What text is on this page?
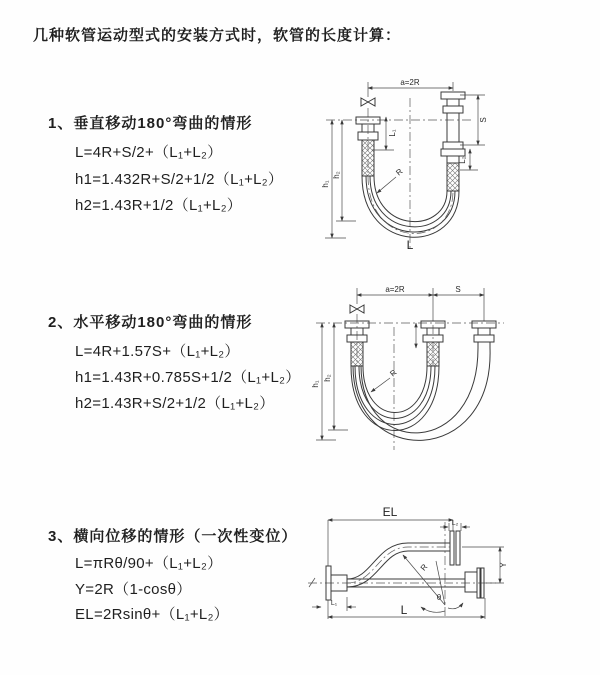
几种软管运动型式的安装方式时，软管的长度计算：
1、垂直移动180°弯曲的情形
L=4R+S/2+（L₁+L₂）
h1=1.432R+S/2+1/2（L₁+L₂）
h2=1.43R+1/2（L₁+L₂）
2、水平移动180°弯曲的情形
L=4R+1.57S+（L₁+L₂）
h1=1.43R+0.785S+1/2（L₁+L₂）
h2=1.43R+S/2+1/2（L₁+L₂）
3、横向位移的情形（一次性变位）
L=πRθ/90+（L₁+L₂）
Y=2R（1-cosθ）
EL=2Rsinθ+（L₁+L₂）
a=2R
L₁
S
L₂
h₁
h₂	R
L
a=2R	S
h₁
h₂	R
EL
L₂
Y
R
θ
L₁	L
